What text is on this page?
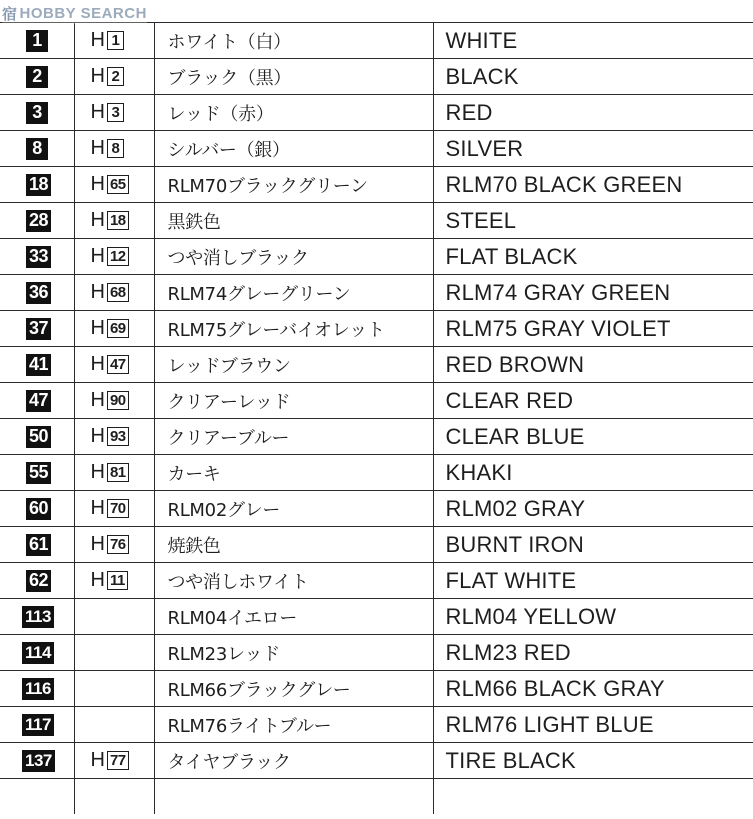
宿 HOBBY SEARCH
1	H 1	ホワイト（白）	WHITE
2	H 2	ブラック（黒）	BLACK
3	H 3	レッド（赤）	RED
8	H 8	シルバー（銀）	SILVER
18	H 65	RLM70ブラックグリーン	RLM70 BLACK GREEN
28	H 18	黒鉄色	STEEL
33	H 12	つや消しブラック	FLAT BLACK
36	H 68	RLM74グレーグリーン	RLM74 GRAY GREEN
37	H 69	RLM75グレーバイオレット	RLM75 GRAY VIOLET
41	H 47	レッドブラウン	RED BROWN
47	H 90	クリアーレッド	CLEAR RED
50	H 93	クリアーブルー	CLEAR BLUE
55	H 81	カーキ	KHAKI
60	H 70	RLM02グレー	RLM02 GRAY
61	H 76	焼鉄色	BURNT IRON
62	H 11	つや消しホワイト	FLAT WHITE
113		RLM04イエロー	RLM04 YELLOW
114		RLM23レッド	RLM23 RED
116		RLM66ブラックグレー	RLM66 BLACK GRAY
117		RLM76ライトブルー	RLM76 LIGHT BLUE
137	H 77	タイヤブラック	TIRE BLACK
